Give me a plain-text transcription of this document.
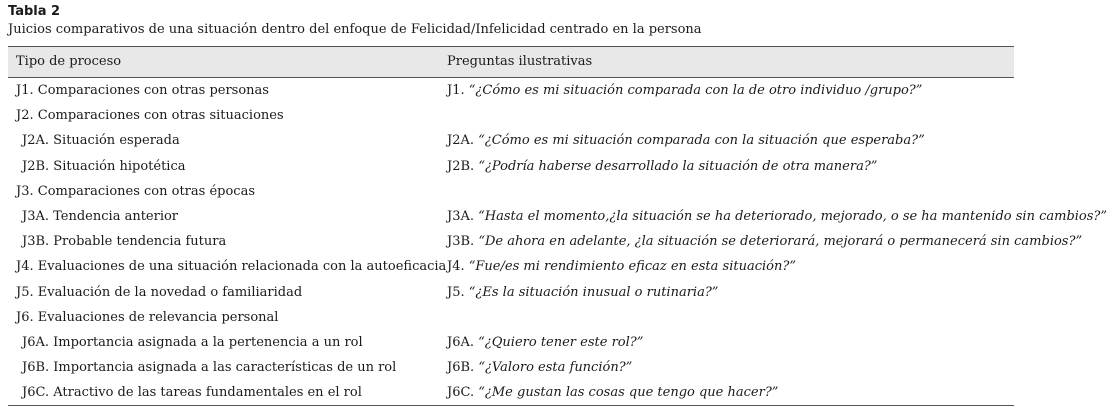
Tabla 2
Juicios comparativos de una situación dentro del enfoque de Felicidad/Infelicidad centrado en la persona
Tipo de proceso	Preguntas ilustrativas
J1. Comparaciones con otras personas	J1. “¿Cómo es mi situación comparada con la de otro individuo /grupo?”
J2. Comparaciones con otras situaciones
J2A. Situación esperada	J2A. “¿Cómo es mi situación comparada con la situación que esperaba?”
J2B. Situación hipotética	J2B. “¿Podría haberse desarrollado la situación de otra manera?”
J3. Comparaciones con otras épocas
J3A. Tendencia anterior	J3A. “Hasta el momento,¿la situación se ha deteriorado, mejorado, o se ha mantenido sin cambios?”
J3B. Probable tendencia futura	J3B. “De ahora en adelante, ¿la situación se deteriorará, mejorará o permanecerá sin cambios?”
J4. Evaluaciones de una situación relacionada con la autoeficacia J4. “Fue/es mi rendimiento eficaz en esta situación?”
J5. Evaluación de la novedad o familiaridad	J5. “¿Es la situación inusual o rutinaria?”
J6. Evaluaciones de relevancia personal
J6A. Importancia asignada a la pertenencia a un rol	J6A. “¿Quiero tener este rol?”
J6B. Importancia asignada a las características de un rol	J6B. “¿Valoro esta función?”
J6C. Atractivo de las tareas fundamentales en el rol	J6C. “¿Me gustan las cosas que tengo que hacer?”
